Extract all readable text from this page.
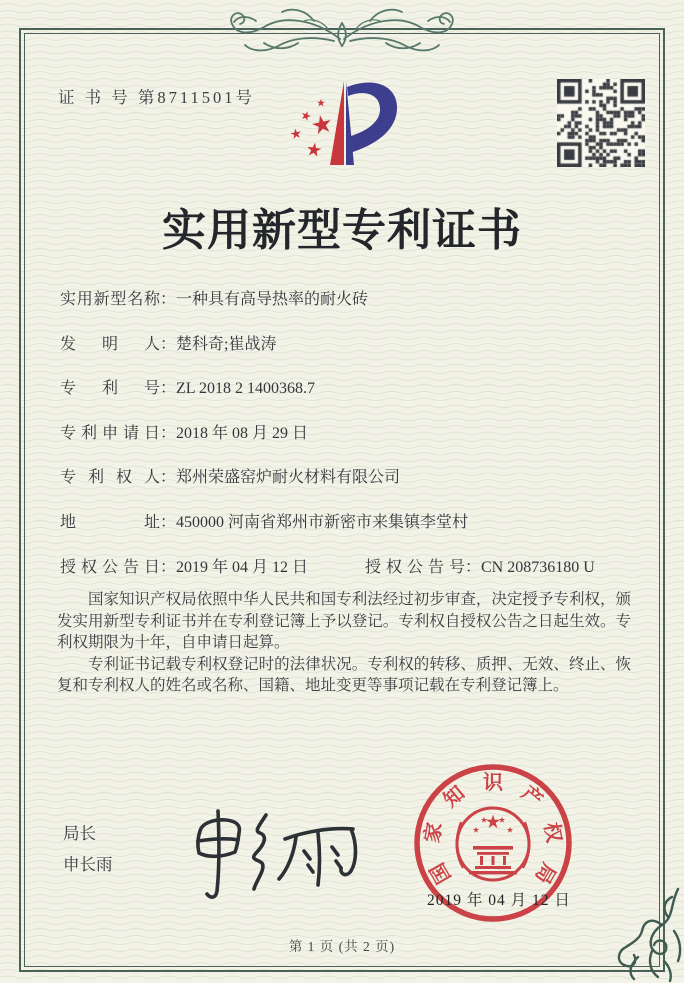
证 书 号 第8711501号
实用新型专利证书
实用新型名称：一种具有高导热率的耐火砖
发明人：楚科奇;崔战涛
专利号：ZL 2018 2 1400368.7
专利申请日：2018 年 08 月 29 日
专利权人：郑州荣盛窑炉耐火材料有限公司
地址：450000 河南省郑州市新密市来集镇李堂村
授权公告日：2019 年 04 月 12 日	授权公告号：CN 208736180 U

国家知识产权局依照中华人民共和国专利法经过初步审查，决定授予专利权，颁发实用新型专利证书并在专利登记簿上予以登记。专利权自授权公告之日起生效。专利权期限为十年，自申请日起算。

专利证书记载专利权登记时的法律状况。专利权的转移、质押、无效、终止、恢复和专利权人的姓名或名称、国籍、地址变更等事项记载在专利登记簿上。

局长
申长雨	国
家
知 识 产
权
局
2019 年 04 月 12 日
第 1 页 (共 2 页)
